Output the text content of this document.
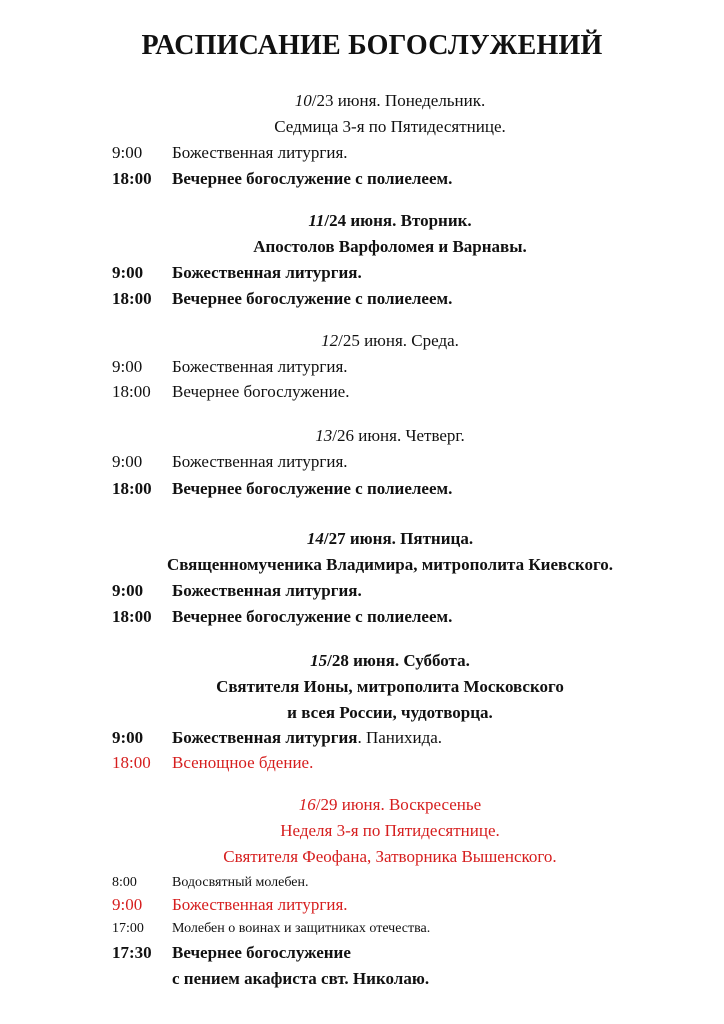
РАСПИСАНИЕ БОГОСЛУЖЕНИЙ
10/23 июня. Понедельник.
Седмица 3-я по Пятидесятнице.
9:00 Божественная литургия.
18:00 Вечернее богослужение с полиелеем.
11/24 июня. Вторник.
Апостолов Варфоломея и Варнавы.
9:00 Божественная литургия.
18:00 Вечернее богослужение с полиелеем.
12/25 июня. Среда.
9:00 Божественная литургия.
18:00 Вечернее богослужение.
13/26 июня. Четверг.
9:00 Божественная литургия.
18:00 Вечернее богослужение с полиелеем.
14/27 июня. Пятница.
Священномученика Владимира, митрополита Киевского.
9:00 Божественная литургия.
18:00 Вечернее богослужение с полиелеем.
15/28 июня. Суббота.
Святителя Ионы, митрополита Московского
и всея России, чудотворца.
9:00 Божественная литургия. Панихида.
18:00 Всенощное бдение.
16/29 июня. Воскресенье
Неделя 3-я по Пятидесятнице.
Святителя Феофана, Затворника Вышенского.
8:00	Водосвятный молебен.
9:00 Божественная литургия.
17:00 Молебен о воинах и защитниках отечества.
17:30 Вечернее богослужение
с пением акафиста свт. Николаю.
